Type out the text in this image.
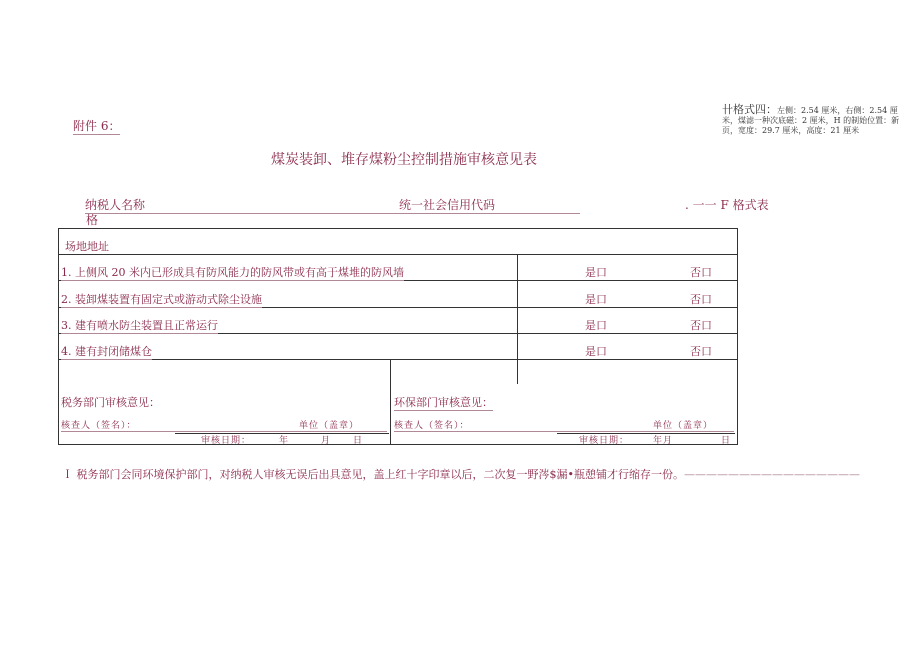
卄格式四：左侧：2.54 厘米，右侧：2.54 厘米，煤滤一种次底磁：2 厘米，H 的制始位置：新页，宽度：29.7 厘米，高度：21 厘米
附件 6：
煤炭装卸、堆存煤粉尘控制措施审核意见表
纳税人名称	统一社会信用代码	. 一一 F 格式表
格
场地地址
1. 上侧风 20 米内已形成具有防风能力的防风带或有高于煤堆的防风墙	是口	否口
2. 装卸煤装置有固定式或游动式除尘设施	是口	否口
3. 建有喷水防尘装置且正常运行	是口	否口
4. 建有封闭储煤仓	是口	否口
税务部门审核意见：
核查人（签名）：	单位（盖章）
审核日期：	年	月 日
环保部门审核意见：
核查人（签名）：	单位（盖章）
审核日期：	年月	日
Ｉ 税务部门会同环境保护部门，对纳税人审核无误后出具意见，盖上红十字印章以后，二次复一野涔$漏•瓶憩铺才行缩存一份。————————————————
